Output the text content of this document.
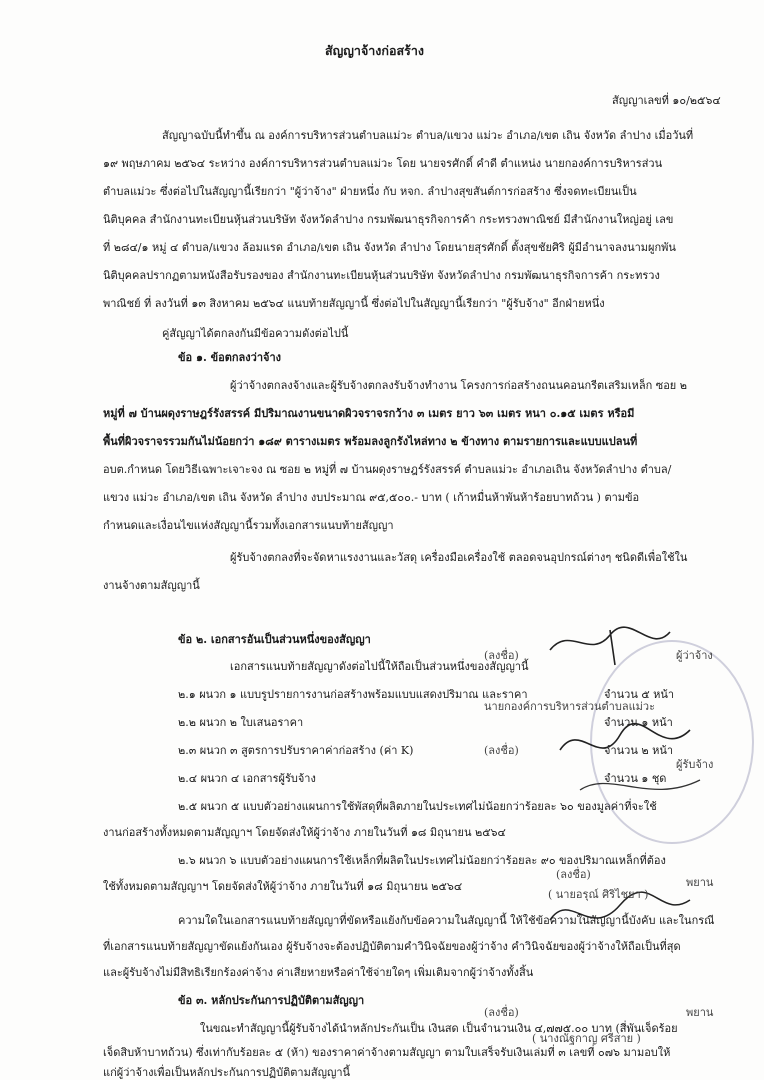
สัญญาจ้างก่อสร้าง
สัญญาเลขที่ ๑๐/๒๕๖๔
สัญญาฉบับนี้ทำขึ้น ณ องค์การบริหารส่วนตำบลแม่วะ ตำบล/แขวง แม่วะ อำเภอ/เขต เถิน จังหวัด ลำปาง เมื่อวันที่
๑๙ พฤษภาคม ๒๕๖๔ ระหว่าง องค์การบริหารส่วนตำบลแม่วะ โดย นายจรศักดิ์ คำดี ตำแหน่ง นายกองค์การบริหารส่วน
ตำบลแม่วะ ซึ่งต่อไปในสัญญานี้เรียกว่า "ผู้ว่าจ้าง" ฝ่ายหนึ่ง กับ หจก. ลำปางสุขสันต์การก่อสร้าง ซึ่งจดทะเบียนเป็น
นิติบุคคล สำนักงานทะเบียนหุ้นส่วนบริษัท จังหวัดลำปาง กรมพัฒนาธุรกิจการค้า กระทรวงพาณิชย์ มีสำนักงานใหญ่อยู่ เลข
ที่ ๒๘๔/๑ หมู่ ๔ ตำบล/แขวง ล้อมแรด อำเภอ/เขต เถิน จังหวัด ลำปาง โดยนายสุรศักดิ์ ตั้งสุขชัยศิริ ผู้มีอำนาจลงนามผูกพัน
นิติบุคคลปรากฏตามหนังสือรับรองของ สำนักงานทะเบียนหุ้นส่วนบริษัท จังหวัดลำปาง กรมพัฒนาธุรกิจการค้า กระทรวง
พาณิชย์ ที่ ลงวันที่ ๑๓ สิงหาคม ๒๕๖๔ แนบท้ายสัญญานี้ ซึ่งต่อไปในสัญญานี้เรียกว่า "ผู้รับจ้าง" อีกฝ่ายหนึ่ง
คู่สัญญาได้ตกลงกันมีข้อความดังต่อไปนี้
ข้อ ๑. ข้อตกลงว่าจ้าง
ผู้ว่าจ้างตกลงจ้างและผู้รับจ้างตกลงรับจ้างทำงาน โครงการก่อสร้างถนนคอนกรีตเสริมเหล็ก ซอย ๒
หมู่ที่ ๗ บ้านผดุงราษฎร์รังสรรค์ มีปริมาณงานขนาดผิวจราจรกว้าง ๓ เมตร ยาว ๖๓ เมตร หนา ๐.๑๕ เมตร หรือมี
พื้นที่ผิวจราจรรวมกันไม่น้อยกว่า ๑๘๙ ตารางเมตร พร้อมลงลูกรังไหล่ทาง ๒ ข้างทาง ตามรายการและแบบแปลนที่
อบต.กำหนด โดยวิธีเฉพาะเจาะจง ณ ซอย ๒ หมู่ที่ ๗ บ้านผดุงราษฎร์รังสรรค์ ตำบลแม่วะ อำเภอเถิน จังหวัดลำปาง ตำบล/
แขวง แม่วะ อำเภอ/เขต เถิน จังหวัด ลำปาง งบประมาณ ๙๕,๕๐๐.- บาท ( เก้าหมื่นห้าพันห้าร้อยบาทถ้วน ) ตามข้อ
กำหนดและเงื่อนไขแห่งสัญญานี้รวมทั้งเอกสารแนบท้ายสัญญา
ผู้รับจ้างตกลงที่จะจัดหาแรงงานและวัสดุ เครื่องมือเครื่องใช้ ตลอดจนอุปกรณ์ต่างๆ ชนิดดีเพื่อใช้ใน
งานจ้างตามสัญญานี้
ข้อ ๒. เอกสารอันเป็นส่วนหนึ่งของสัญญา
เอกสารแนบท้ายสัญญาดังต่อไปนี้ให้ถือเป็นส่วนหนึ่งของสัญญานี้
๒.๑ ผนวก ๑ แบบรูปรายการงานก่อสร้างพร้อมแบบแสดงปริมาณ และราคา	จำนวน ๕ หน้า
๒.๒ ผนวก ๒ ใบเสนอราคา	จำนวน ๑ หน้า
๒.๓ ผนวก ๓ สูตรการปรับราคาค่าก่อสร้าง (ค่า K)	จำนวน ๒ หน้า
๒.๔ ผนวก ๔ เอกสารผู้รับจ้าง	จำนวน ๑ ชุด
๒.๕ ผนวก ๕ แบบตัวอย่างแผนการใช้พัสดุที่ผลิตภายในประเทศไม่น้อยกว่าร้อยละ ๖๐ ของมูลค่าที่จะใช้
งานก่อสร้างทั้งหมดตามสัญญาฯ โดยจัดส่งให้ผู้ว่าจ้าง ภายในวันที่ ๑๘ มิถุนายน ๒๕๖๔
๒.๖ ผนวก ๖ แบบตัวอย่างแผนการใช้เหล็กที่ผลิตในประเทศไม่น้อยกว่าร้อยละ ๙๐ ของปริมาณเหล็กที่ต้อง
ใช้ทั้งหมดตามสัญญาฯ โดยจัดส่งให้ผู้ว่าจ้าง ภายในวันที่ ๑๘ มิถุนายน ๒๕๖๔
ความใดในเอกสารแนบท้ายสัญญาที่ขัดหรือแย้งกับข้อความในสัญญานี้ ให้ใช้ข้อความในสัญญานี้บังคับ และในกรณี
ที่เอกสารแนบท้ายสัญญาขัดแย้งกันเอง ผู้รับจ้างจะต้องปฏิบัติตามคำวินิจฉัยของผู้ว่าจ้าง คำวินิจฉัยของผู้ว่าจ้างให้ถือเป็นที่สุด
และผู้รับจ้างไม่มีสิทธิเรียกร้องค่าจ้าง ค่าเสียหายหรือค่าใช้จ่ายใดๆ เพิ่มเติมจากผู้ว่าจ้างทั้งสิ้น
ข้อ ๓. หลักประกันการปฏิบัติตามสัญญา
ในขณะทำสัญญานี้ผู้รับจ้างได้นำหลักประกันเป็น เงินสด เป็นจำนวนเงิน ๔,๗๗๕.๐๐ บาท (สี่พันเจ็ดร้อย
เจ็ดสิบห้าบาทถ้วน) ซึ่งเท่ากับร้อยละ ๕ (ห้า) ของราคาค่าจ้างตามสัญญา ตามใบเสร็จรับเงินเล่มที่ ๓ เลขที่ ๐๗๖ มามอบให้
แก่ผู้ว่าจ้างเพื่อเป็นหลักประกันการปฏิบัติตามสัญญานี้
(ลงชื่อ)	ผู้ว่าจ้าง
นายกองค์การบริหารส่วนตำบลแม่วะ
(ลงชื่อ)
ผู้รับจ้าง
(ลงชื่อ)
( นายอรุณ์ ศิริไชยา )
พยาน
(ลงชื่อ)
( นางณัฐกาญ ศรีสาย )
พยาน
